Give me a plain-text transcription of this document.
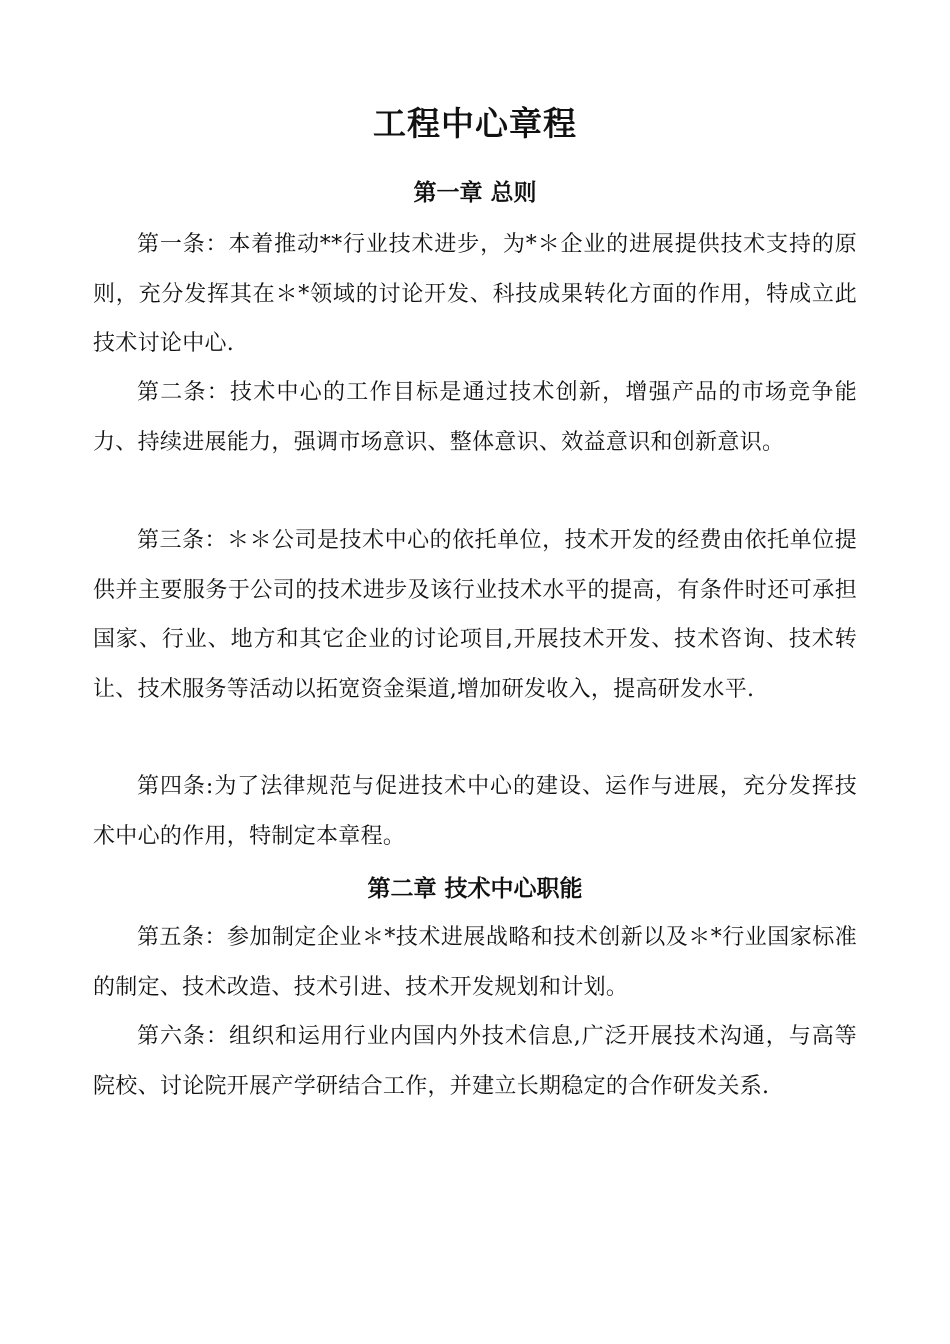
工程中心章程
第一章 总则

第一条：本着推动**行业技术进步，为*＊企业的进展提供技术支持的原则，充分发挥其在＊*领域的讨论开发、科技成果转化方面的作用，特成立此技术讨论中心.

第二条：技术中心的工作目标是通过技术创新，增强产品的市场竞争能力、持续进展能力，强调市场意识、整体意识、效益意识和创新意识。

第三条：＊＊公司是技术中心的依托单位，技术开发的经费由依托单位提供并主要服务于公司的技术进步及该行业技术水平的提高，有条件时还可承担国家、行业、地方和其它企业的讨论项目,开展技术开发、技术咨询、技术转让、技术服务等活动以拓宽资金渠道,增加研发收入，提高研发水平.

第四条:为了法律规范与促进技术中心的建设、运作与进展，充分发挥技术中心的作用，特制定本章程。

第二章 技术中心职能

第五条：参加制定企业＊*技术进展战略和技术创新以及＊*行业国家标准的制定、技术改造、技术引进、技术开发规划和计划。

第六条：组织和运用行业内国内外技术信息,广泛开展技术沟通，与高等院校、讨论院开展产学研结合工作，并建立长期稳定的合作研发关系.
